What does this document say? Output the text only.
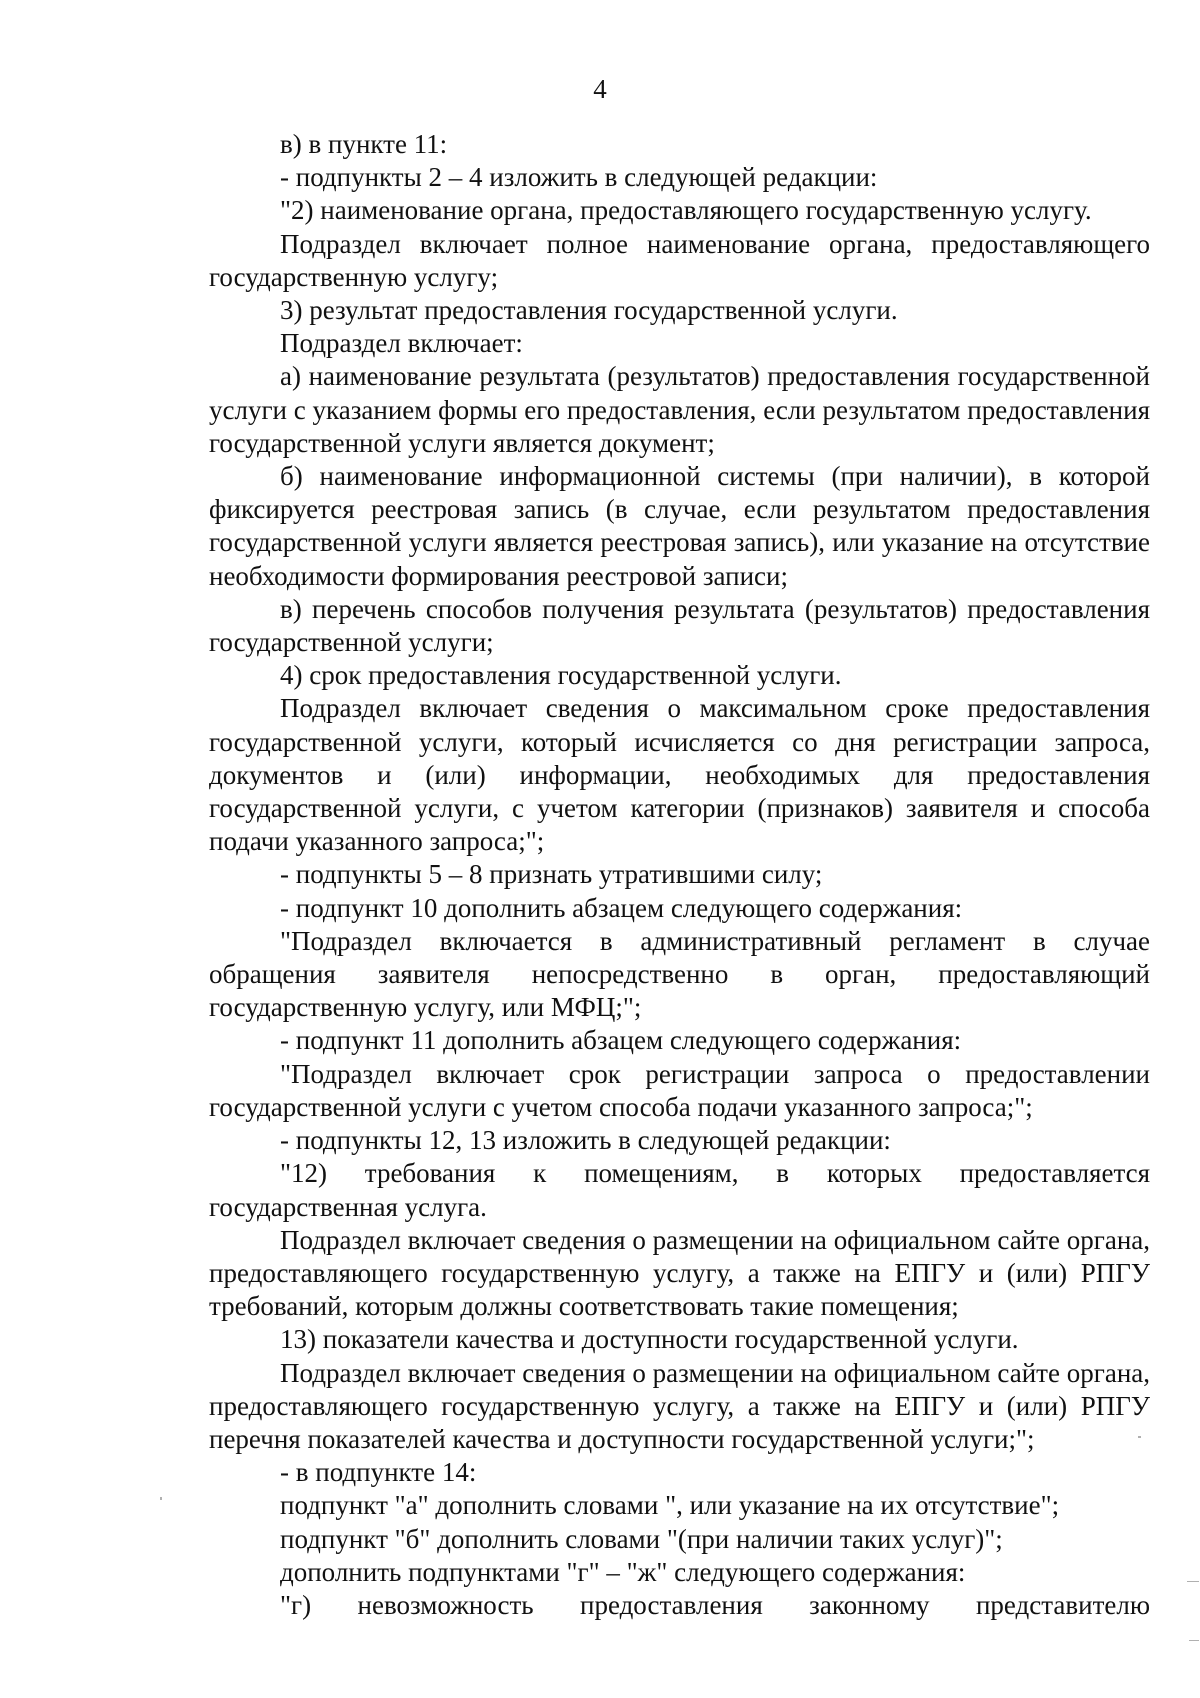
4

в) в пункте 11:

- подпункты 2 – 4 изложить в следующей редакции:

"2) наименование органа, предоставляющего государственную услугу.

Подраздел включает полное наименование органа, предоставляющего государственную услугу;

3) результат предоставления государственной услуги.

Подраздел включает:

а) наименование результата (результатов) предоставления государственной услуги с указанием формы его предоставления, если результатом предоставления государственной услуги является документ;

б) наименование информационной системы (при наличии), в которой фиксируется реестровая запись (в случае, если результатом предоставления государственной услуги является реестровая запись), или указание на отсутствие необходимости формирования реестровой записи;

в) перечень способов получения результата (результатов) предоставления государственной услуги;

4) срок предоставления государственной услуги.

Подраздел включает сведения о максимальном сроке предоставления государственной услуги, который исчисляется со дня регистрации запроса, документов и (или) информации, необходимых для предоставления государственной услуги, с учетом категории (признаков) заявителя и способа подачи указанного запроса;";

- подпункты 5 – 8 признать утратившими силу;

- подпункт 10 дополнить абзацем следующего содержания:

"Подраздел включается в административный регламент в случае обращения заявителя непосредственно в орган, предоставляющий государственную услугу, или МФЦ;";

- подпункт 11 дополнить абзацем следующего содержания:

"Подраздел включает срок регистрации запроса о предоставлении государственной услуги с учетом способа подачи указанного запроса;";

- подпункты 12, 13 изложить в следующей редакции:

"12) требования к помещениям, в которых предоставляется государственная услуга.

Подраздел включает сведения о размещении на официальном сайте органа, предоставляющего государственную услугу, а также на ЕПГУ и (или) РПГУ требований, которым должны соответствовать такие помещения;

13) показатели качества и доступности государственной услуги.

Подраздел включает сведения о размещении на официальном сайте органа, предоставляющего государственную услугу, а также на ЕПГУ и (или) РПГУ перечня показателей качества и доступности государственной услуги;";

- в подпункте 14:

подпункт "а" дополнить словами ", или указание на их отсутствие";

подпункт "б" дополнить словами "(при наличии таких услуг)";

дополнить подпунктами "г" – "ж" следующего содержания:

"г) невозможность предоставления законному представителю
